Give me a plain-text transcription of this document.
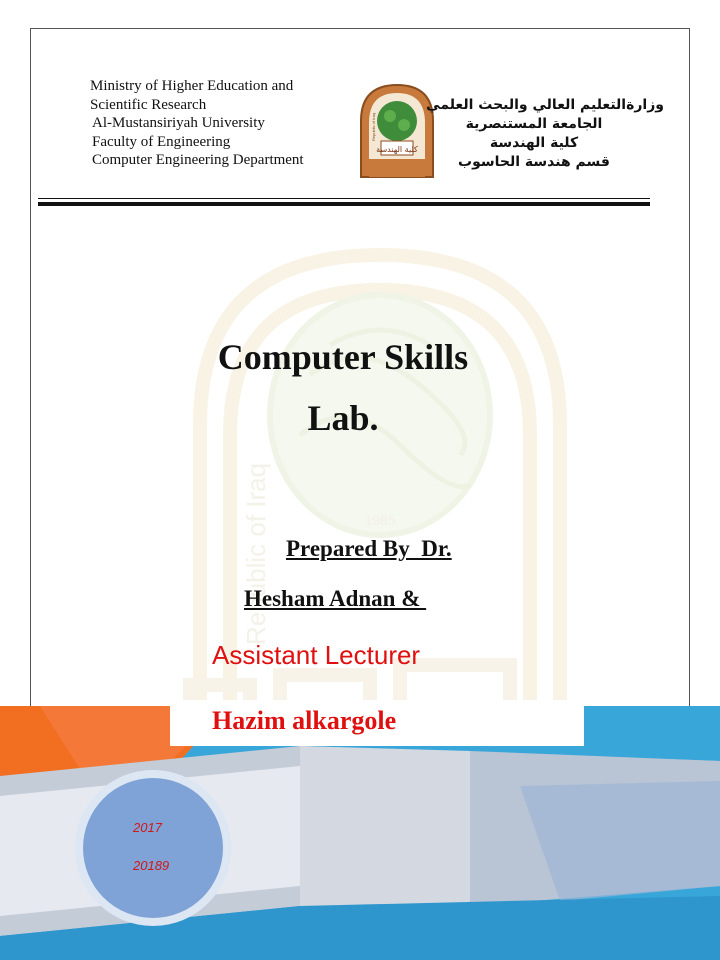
1985
Republic of Iraq
Ministry of Higher Education and
Scientific Research
Al-Mustansiriyah University
Faculty of Engineering
Computer Engineering Department
Republic of Iraq
كلية الهندسة
وزارةالتعليم العالي والبحث العلمي
الجامعة المستنصرية
كلية الهندسة
قسم هندسة الحاسوب
Computer Skills
Lab.
Prepared By  Dr.
Hesham Adnan &
Assistant Lecturer
Hazim alkargole
2017
20189
